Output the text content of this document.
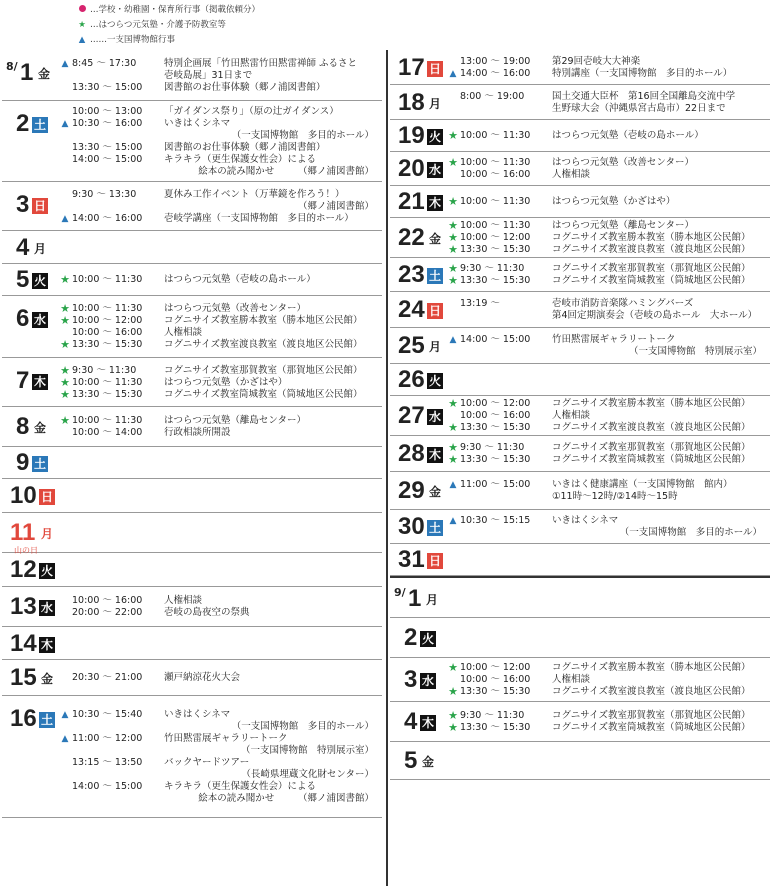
…学校・幼稚園・保育所行事（掲載依頼分）
★ …はつらつ元気塾・介護予防教室等
▲ ……一支国博物館行事
8/ 1 金
▲ 8:45 ～ 17:30	特別企画展「竹田黙雷竹田黙雷禅師 ふるさと
壱岐島展」31日まで
13:30 ～ 15:00 図書館のお仕事体験（郷ノ浦図書館）
2 土
10:00 ～ 13:00 「ガイダンス祭り」（原の辻ガイダンス）
▲ 10:30 ～ 16:00 いきはくシネマ
（一支国博物館　多目的ホール）
13:30 ～ 15:00 図書館のお仕事体験（郷ノ浦図書館）
14:00 ～ 15:00 キラキラ（更生保護女性会）による
絵本の読み聞かせ　　　（郷ノ浦図書館）
3 日
9:30 ～ 13:30	夏休み工作イベント（万華鏡を作ろう！）
（郷ノ浦図書館）
▲ 14:00 ～ 16:00 壱岐学講座（一支国博物館　多目的ホール）
4 月
5 火 ★ 10:00 ～ 11:30 はつらつ元気塾（壱岐の島ホール）
6 水
★ 10:00 ～ 11:30 はつらつ元気塾（改善センター）
★ 10:00 ～ 12:00 コグニサイズ教室勝本教室（勝本地区公民館）
10:00 ～ 16:00 人権相談
★ 13:30 ～ 15:30 コグニサイズ教室渡良教室（渡良地区公民館）
7 木
★ 9:30 ～ 11:30	コグニサイズ教室那賀教室（那賀地区公民館）
★ 10:00 ～ 11:30 はつらつ元気塾（かざはや）
★ 13:30 ～ 15:30 コグニサイズ教室筒城教室（筒城地区公民館）
8 金
★ 10:00 ～ 11:30 はつらつ元気塾（離島センター）
10:00 ～ 14:00 行政相談所開設
9 土
10 日
11 月
山の日
12 火
13 水
10:00 ～ 16:00 人権相談
20:00 ～ 22:00 壱岐の島夜空の祭典
14 木
15 金 20:30 ～ 21:00 瀬戸納涼花火大会
16 土 ▲ 10:30 ～ 15:40 いきはくシネマ
（一支国博物館　多目的ホール）
▲ 11:00 ～ 12:00 竹田黙雷展ギャラリートーク
（一支国博物館　特別展示室）
13:15 ～ 13:50 バックヤードツアー
（長崎県埋蔵文化財センター）
14:00 ～ 15:00 キラキラ（更生保護女性会）による
絵本の読み聞かせ　　　（郷ノ浦図書館）
17 日
13:00 ～ 19:00 第29回壱岐大大神楽
▲ 14:00 ～ 16:00 特別講座（一支国博物館　多目的ホール）
18 月
8:00 ～ 19:00	国土交通大臣杯　第16回全国離島交流中学
生野球大会（沖縄県宮古島市）22日まで
19 火 ★ 10:00 ～ 11:30 はつらつ元気塾（壱岐の島ホール）
20 水
★ 10:00 ～ 11:30 はつらつ元気塾（改善センター）
10:00 ～ 16:00 人権相談
21 木 ★ 10:00 ～ 11:30 はつらつ元気塾（かざはや）
22 金
★ 10:00 ～ 11:30 はつらつ元気塾（離島センター）
★ 10:00 ～ 12:00 コグニサイズ教室勝本教室（勝本地区公民館）
★ 13:30 ～ 15:30 コグニサイズ教室渡良教室（渡良地区公民館）
23 土
★ 9:30 ～ 11:30	コグニサイズ教室那賀教室（那賀地区公民館）
★ 13:30 ～ 15:30 コグニサイズ教室筒城教室（筒城地区公民館）
24 日
13:19 ～	壱岐市消防音楽隊ハミングバーズ
第4回定期演奏会（壱岐の島ホール　大ホール）
25 月 ▲ 14:00 ～ 15:00 竹田黙雷展ギャラリートーク
（一支国博物館　特別展示室）
26 火
27 水
★ 10:00 ～ 12:00 コグニサイズ教室勝本教室（勝本地区公民館）
10:00 ～ 16:00 人権相談
★ 13:30 ～ 15:30 コグニサイズ教室渡良教室（渡良地区公民館）
28 木
★ 9:30 ～ 11:30	コグニサイズ教室那賀教室（那賀地区公民館）
★ 13:30 ～ 15:30 コグニサイズ教室筒城教室（筒城地区公民館）
29 金 ▲ 11:00 ～ 15:00 いきはく健康講座（一支国博物館　館内）
①11時～12時/②14時～15時
30 土 ▲ 10:30 ～ 15:15 いきはくシネマ
（一支国博物館　多目的ホール）
31 日
9/ 1 月
2 火
3 水
★ 10:00 ～ 12:00 コグニサイズ教室勝本教室（勝本地区公民館）
10:00 ～ 16:00 人権相談
★ 13:30 ～ 15:30 コグニサイズ教室渡良教室（渡良地区公民館）
4 木
★ 9:30 ～ 11:30	コグニサイズ教室那賀教室（那賀地区公民館）
★ 13:30 ～ 15:30 コグニサイズ教室筒城教室（筒城地区公民館）
5 金
